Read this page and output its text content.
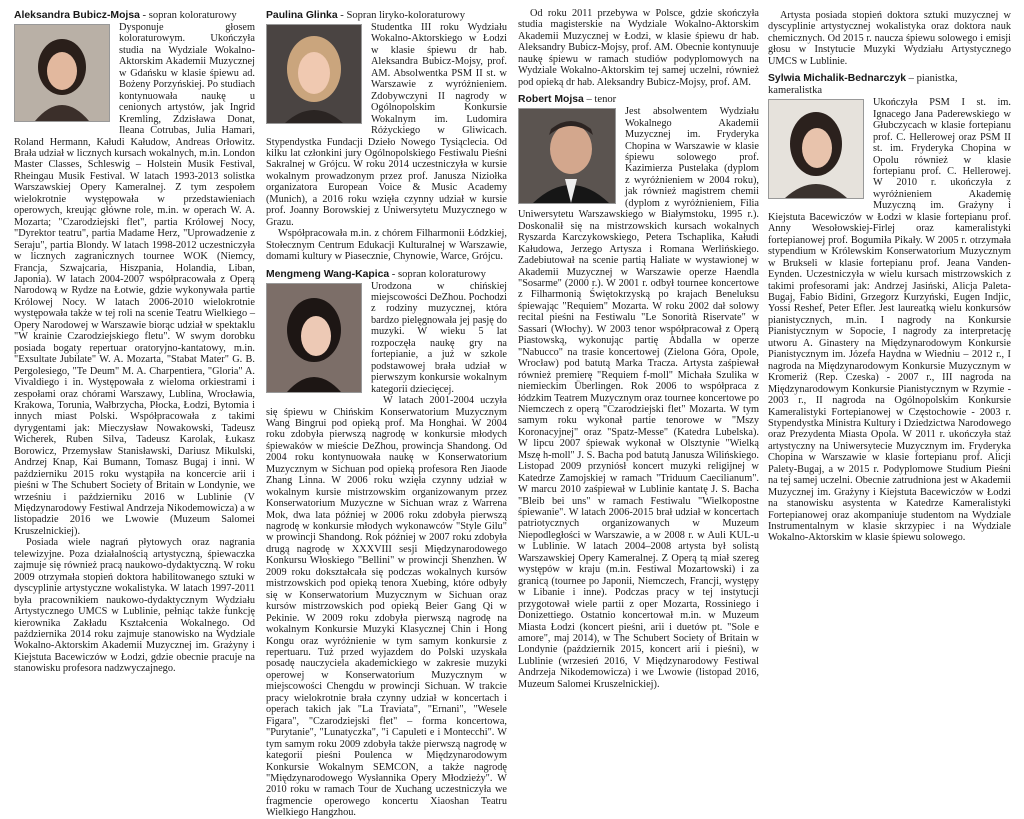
Aleksandra Bubicz-Mojsa - sopran koloraturowy

Dysponuje głosem koloraturowym. Ukończyła studia na Wydziale Wokalno-Aktorskim Akademii Muzycznej w Gdańsku w klasie śpiewu ad. Bożeny Porzyńskiej. Po studiach kontynuowała naukę u cenionych artystów, jak Ingrid Kremling, Zdzisława Donat, Ileana Cotrubas, Julia Hamari, Roland Hermann, Kałudi Kałudow, Andreas Orłowitz. Brała udział w licznych kursach wokalnych, m.in. London Master Classes, Schleswig – Holstein Musik Festival, Rheingau Musik Festival. W latach 1993-2013 solistka Warszawskiej Opery Kameralnej. Z tym zespołem wielokrotnie występowała w przedstawieniach operowych, kreując główne role, m.in. w operach W. A. Mozarta; "Czarodziejski flet", partia Królowej Nocy, "Dyrektor teatru", partia Madame Herz, "Uprowadzenie z Seraju", partia Blondy. W latach 1998-2012 uczestniczyła w licznych zagranicznych tournee WOK (Niemcy, Francja, Szwajcaria, Hiszpania, Holandia, Liban, Japonia). W latach 2004-2007 współpracowała z Operą Narodową w Rydze na Łotwie, gdzie wykonywała partie Królowej Nocy. W latach 2006-2010 wielokrotnie występowała także w tej roli na scenie Teatru Wielkiego – Opery Narodowej w Warszawie biorąc udział w spektaklu "W krainie Czarodziejskiego fletu". W swym dorobku posiada bogaty repertuar oratoryjno-kantatowy, m.in. "Exsultate Jubilate" W. A. Mozarta, "Stabat Mater" G. B. Pergolesiego, "Te Deum" M. A. Charpentiera, "Gloria" A. Vivaldiego i in. Występowała z wieloma orkiestrami i zespołami oraz chórami Warszawy, Lublina, Wrocławia, Krakowa, Torunia, Wałbrzycha, Płocka, Łodzi, Bytomia i innych miast Polski. Współpracowała z takimi dyrygentami jak: Mieczysław Nowakowski, Tadeusz Wicherek, Ruben Silva, Tadeusz Karolak, Łukasz Borowicz, Przemysław Stanisławski, Dariusz Mikulski, Andrzej Knap, Kai Bumann, Tomasz Bugaj i inni. W październiku 2015 roku wystąpiła na koncercie arii i pieśni w The Schubert Society of Britain w Londynie, we wrześniu i październiku 2016 w Lublinie (V Międzynarodowy Festiwal Andrzeja Nikodemowicza) a w listopadzie 2016 we Lwowie (Muzeum Salomei Kruszelnickiej).

Posiada wiele nagrań płytowych oraz nagrania telewizyjne. Poza działalnością artystyczną, śpiewaczka zajmuje się również pracą naukowo-dydaktyczną. W roku 2009 otrzymała stopień doktora habilitowanego sztuki w dyscyplinie artystyczne wokalistyka. W latach 1997-2011 była pracownikiem naukowo-dydaktycznym Wydziału Artystycznego UMCS w Lublinie, pełniąc także funkcję kierownika Zakładu Kształcenia Wokalnego. Od października 2014 roku zajmuje stanowisko na Wydziale Wokalno-Aktorskim Akademii Muzycznej im. Grażyny i Kiejstuta Bacewiczów w Łodzi, gdzie obecnie pracuje na stanowisku profesora nadzwyczajnego.

Paulina Glinka - Sopran liryko-koloraturowy

Studentka III roku Wydziału Wokalno-Aktorskiego w Łodzi w klasie śpiewu dr hab. Aleksandra Bubicz-Mojsy, prof. AM. Absolwentka PSM II st. w Warszawie z wyróżnieniem. Zdobywczyni II nagrody w Ogólnopolskim Konkursie Wokalnym im. Ludomira Różyckiego w Gliwicach. Stypendystka Fundacji Dzieło Nowego Tysiąclecia. Od kilku lat członkini jury Ogólnopolskiego Festiwalu Pieśni Sakralnej w Grójcu. W roku 2014 uczestniczyła w kursie wokalnym prowadzonym przez prof. Janusza Niziołka organizatora European Voice & Music Academy (Munich), a 2016 roku wzięła czynny udział w kursie prof. Joanny Borowskiej z Uniwersytetu Muzycznego w Grazu.

Współpracowała m.in. z chórem Filharmonii Łódzkiej, Stołecznym Centrum Edukacji Kulturalnej w Warszawie, domami kultury w Piasecznie, Chynowie, Warce, Grójcu.

Mengmeng Wang-Kapica - sopran koloraturowy

Urodzona w chińskiej miejscowości DeZhou. Pochodzi z rodziny muzycznej, która bardzo pielęgnowała jej pasję do muzyki. W wieku 5 lat rozpoczęła naukę gry na fortepianie, a już w szkole podstawowej brała udział w pierwszym konkursie wokalnym kategorii dziecięcej.

W latach 2001-2004 uczyła się śpiewu w Chińskim Konserwatorium Muzycznym Wang Bingrui pod opieką prof. Ma Honghai. W 2004 roku zdobyła pierwszą nagrodę w konkursie młodych śpiewaków w mieście DeZhou, prowincja Shandong. Od 2004 roku kontynuowała naukę w Konserwatorium Muzycznym w Sichuan pod opieką profesora Ren Jiaode Zhang Linna. W 2006 roku wzięła czynny udział w wokalnym kursie mistrzowskim organizowanym przez Konserwatorium Muzyczne w Sichuan wraz z Warrena Mok, dwa lata później w 2006 roku zdobyła pierwszą nagrodę w konkursie młodych wykonawców "Style Gilu" w prowincji Shandong. Rok później w 2007 roku zdobyła drugą nagrodę w XXXVIII sesji Międzynarodowego Konkursu Włoskiego "Bellini" w prowincji Shenzhen. W 2009 roku dokształcała się podczas wokalnych kursów mistrzowskich pod opieką tenora Xuebing, które odbyły się w Konserwatorium Muzycznym w Sichuan oraz kursów mistrzowskich pod opieką Beier Gang Qi w Pekinie. W 2009 roku zdobyła pierwszą nagrodę na wokalnym Konkursie Muzyki Klasycznej Chin i Hong Kongu oraz wyróżnienie w tym samym konkursie z repertuaru. Tuż przed wyjazdem do Polski uzyskała posadę nauczyciela akademickiego w zakresie muzyki operowej w Konserwatorium Muzycznym w miejscowości Chengdu w prowincji Sichuan. W trakcie pracy wielokrotnie brała czynny udział w koncertach i operach takich jak "La Traviata", "Ernani", "Wesele Figara", "Czarodziejski flet" – forma koncertowa, "Purytanie", "Lunatyczka", "i Capuleti e i Montecchi". W tym samym roku 2009 zdobyła także pierwszą nagrodę w kategorii pieśni Poulenca w Międzynarodowym Konkursie Wokalnym SEMCON, a także nagrodę "Międzynarodowego Wysłannika Opery Młodzieży". W 2010 roku w ramach Tour de Xuchang uczestniczyła we fragmencie operowego koncertu Xiaoshan Teatru Wielkiego Hangzhou.

Od roku 2011 przebywa w Polsce, gdzie skończyła studia magisterskie na Wydziale Wokalno-Aktorskim Akademii Muzycznej w Łodzi, w klasie śpiewu dr hab. Aleksandry Bubicz-Mojsy, prof. AM. Obecnie kontynuuje naukę śpiewu w ramach studiów podyplomowych na Wydziale Wokalno-Aktorskim tej samej uczelni, również pod opieką dr hab. Aleksandry Bubicz-Mojsy, prof. AM.

Robert Mojsa – tenor

Jest absolwentem Wydziału Wokalnego Akademii Muzycznej im. Fryderyka Chopina w Warszawie w klasie śpiewu solowego prof. Kazimierza Pustelaka (dyplom z wyróżnieniem w 2004 roku), jak również magistrem chemii (dyplom z wyróżnieniem, Filia Uniwersytetu Warszawskiego w Białymstoku, 1995 r.). Doskonalił się na mistrzowskich kursach wokalnych Ryszarda Karczykowskiego, Petera Tschaplika, Kałudi Kałudowa, Jerzego Artysza i Romana Werlińskiego. Zadebiutował na scenie partią Haliate w wystawionej w Akademii Muzycznej w Warszawie operze Haendla "Sosarme" (2000 r.). W 2001 r. odbył tournee koncertowe z Filharmonią Świętokrzyską po krajach Beneluksu śpiewając "Requiem" Mozarta. W roku 2002 dał solowy recital pieśni na Festiwalu "Le Sonorità Riservate" w Sassari (Włochy). W 2003 tenor współpracował z Operą Piastowską, wykonując partię Abdalla w operze "Nabucco" na trasie koncertowej (Zielona Góra, Opole, Wrocław) pod batutą Marka Tracza. Artysta zaśpiewał również premierę "Requiem f-moll" Michała Szulika w niemieckim Überlingen. Rok 2006 to współpraca z łódzkim Teatrem Muzycznym oraz tournee koncertowe po Niemczech z operą "Czarodziejski flet" Mozarta. W tym samym roku wykonał partie tenorowe w "Mszy Koronacyjnej" oraz "Spatz-Messe" (Katedra Lubelska). W lipcu 2007 śpiewak wykonał w Olsztynie "Wielką Mszę h-moll" J. S. Bacha pod batutą Janusza Wilińskiego. Listopad 2009 przyniósł koncert muzyki religijnej w Katedrze Zamojskiej w ramach "Triduum Caecilianum". W marcu 2010 zaśpiewał w Lublinie kantatę J. S. Bacha "Bleib bei uns" w ramach Festiwalu "Wielkopostne śpiewanie". W latach 2006-2015 brał udział w koncertach patriotycznych organizowanych w Muzeum Niepodległości w Warszawie, a w 2008 r. w Auli KUL-u w Lublinie. W latach 2004–2008 artysta był solistą Warszawskiej Opery Kameralnej. Z Operą tą miał szereg występów w kraju (m.in. Festiwal Mozartowski) i za granicą (tournee po Japonii, Niemczech, Francji, występy w Libanie i inne). Podczas pracy w tej instytucji przygotował wiele partii z oper Mozarta, Rossiniego i Donizettiego. Ostatnio koncertował m.in. w Muzeum Miasta Łodzi (koncert pieśni, arii i duetów pt. "Sole e amore", maj 2014), w The Schubert Society of Britain w Londynie (październik 2015, koncert arii i pieśni), w Lublinie (wrzesień 2016, V Międzynarodowy Festiwal Andrzeja Nikodemowicza) i we Lwowie (listopad 2016, Muzeum Salomei Kruszelnickiej).

Artysta posiada stopień doktora sztuki muzycznej w dyscyplinie artystycznej wokalistyka oraz doktora nauk chemicznych. Od 2015 r. naucza śpiewu solowego i emisji głosu w Instytucie Muzyki Wydziału Artystycznego UMCS w Lublinie.

Sylwia Michalik-Bednarczyk – pianistka, kameralistka

Ukończyła PSM I st. im. Ignacego Jana Paderewskiego w Głubczycach w klasie fortepianu prof. C. Hellerowej oraz PSM II st. im. Fryderyka Chopina w Opolu również w klasie fortepianu prof. C. Hellerowej. W 2010 r. ukończyła z wyróżnieniem Akademię Muzyczną im. Grażyny i Kiejstuta Bacewiczów w Łodzi w klasie fortepianu prof. Anny Wesołowskiej-Firlej oraz kameralistyki fortepianowej prof. Bogumiła Pikały. W 2005 r. otrzymała stypendium w Królewskim Konserwatorium Muzycznym w Brukseli w klasie fortepianu prof. Jeana Vanden-Eynden. Uczestniczyła w wielu kursach mistrzowskich z takimi profesorami jak: Andrzej Jasiński, Alicja Paleta-Bugaj, Fabio Bidini, Grzegorz Kurzyński, Eugen Indjic, Yossi Reshef, Peter Efler. Jest laureatką wielu konkursów pianistycznych, m.in. I nagrody na Konkursie Pianistycznym w Sopocie, I nagrody za interpretację utworu A. Ginastery na Międzynarodowym Konkursie Pianistycznym im. Józefa Haydna w Wiedniu – 2012 r., I nagroda na Międzynarodowym Konkursie Muzycznym w Kromeriż (Rep. Czeska) - 2007 r., III nagroda na Międzynarodowym Konkursie Pianistycznym w Rzymie - 2003 r., II nagroda na Ogólnopolskim Konkursie Kameralistyki Fortepianowej w Częstochowie - 2003 r. Stypendystka Ministra Kultury i Dziedzictwa Narodowego oraz Prezydenta Miasta Opola. W 2011 r. ukończyła staż artystyczny na Uniwersytecie Muzycznym im. Fryderyka Chopina w Warszawie w klasie fortepianu prof. Alicji Palety-Bugaj, a w 2015 r. Podyplomowe Studium Pieśni na tej samej uczelni. Obecnie zatrudniona jest w Akademii Muzycznej im. Grażyny i Kiejstuta Bacewiczów w Łodzi na stanowisku asystenta w Katedrze Kameralistyki Fortepianowej oraz akompaniuje studentom na Wydziale Instrumentalnym w klasie skrzypiec i na Wydziale Wokalno-Aktorskim w klasie śpiewu solowego.
